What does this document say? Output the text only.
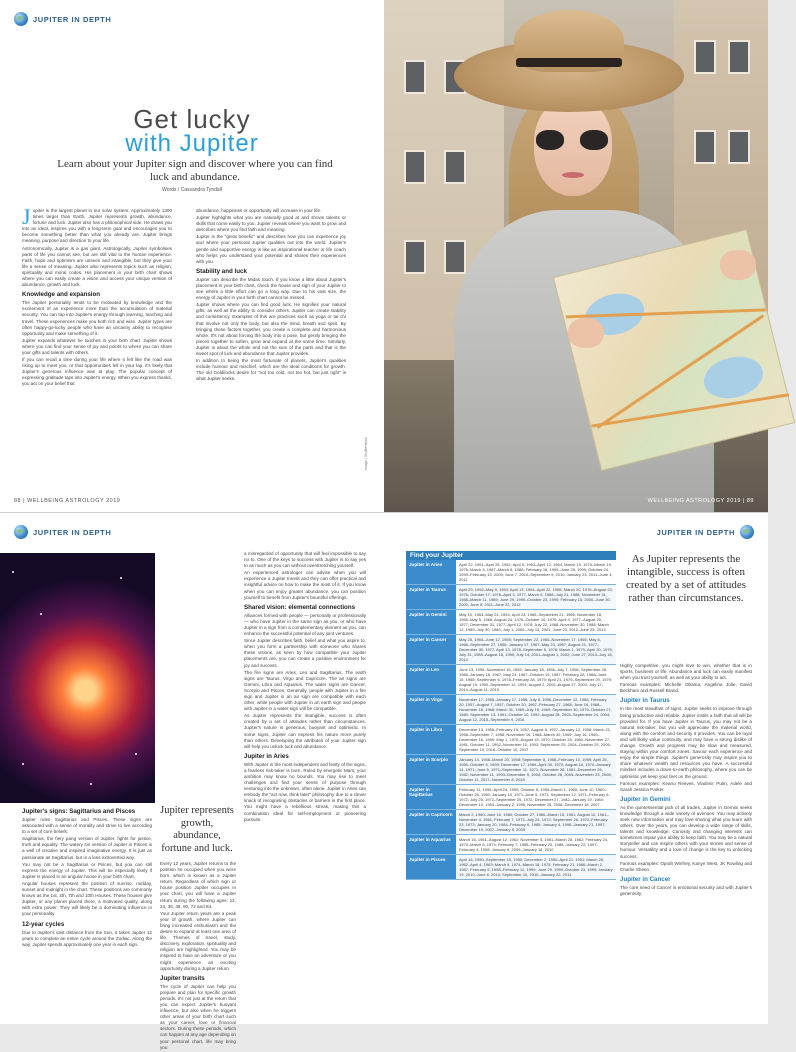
JUPITER IN DEPTH
Get lucky
with Jupiter

Learn about your Jupiter sign and discover where you can find luck and abundance.

Words / Cassandra Tyndall

Jupiter is the largest planet in our solar system. Approximately 1300 times larger than Earth, Jupiter represents growth, abundance, fortune and luck. Jupiter also has a philosophical side. He draws you into an ideal, inspires you with a long-term goal and encourages you to become something better than what you already are. Jupiter brings meaning, purpose and direction to your life.

Astronomically, Jupiter is a gas giant. Astrologically, Jupiter symbolises parts of life you cannot see, but are still vital to the human experience. Faith, hope and optimism are unseen and intangible, but they give your life a sense of meaning. Jupiter also represents topics such as religion, spirituality and moral codes. His placement in your birth chart shows where you can easily create a vision and access your unique version of abundance, growth and luck.

Knowledge and expansion

The Jupiter personality tends to be motivated by knowledge and the excitement of an experience more than the accumulation of material security. You can tap into Jupiter's energy through learning, teaching and travel. These experiences make you both rich and wise. Jupiter types are often happy-go-lucky people who have an uncanny ability to recognise opportunity and make something of it.

Jupiter expands whatever he touches in your birth chart. Jupiter shows where you can find your sense of joy and points to where you can share your gifts and talents with others.

If you can recall a time during your life where it felt like the road was rising up to meet you, or that opportunities fell in your lap, it's likely that Jupiter's generous influence was at play. The popular concept of expressing gratitude taps into Jupiter's energy. When you express thanks, you act on your belief that

abundance, happiness or opportunity will increase in your life.

Jupiter highlights what you are naturally good at and shows talents or skills that come easily to you. Jupiter reveals where you want to grow and describes where you find faith and meaning.

Jupiter is the "great benefic" and describes how you can experience joy and where your personal Jupiter qualities out into the world. Jupiter's gentle and supportive energy is like an inspirational teacher or life coach who helps you understand your potential and shares their experiences with you.

Stability and luck

Jupiter can describe the Midas touch. If you know a little about Jupiter's placement in your birth chart, check the house and sign of your Jupiter to see where a little effort can go a long way. Due to his vast size, the energy of Jupiter in your birth chart cannot be missed.

Jupiter shows where you can find good luck. He signifies your natural gifts, as well as the ability to consider others. Jupiter can create stability and consistency. Examples of this are practices such as yoga or tai chi that involve not only the body, but also the mind, breath and spirit. By bringing these factors together, you create a complete and harmonious whole. It's not about forcing the body into a pose, but gently bringing the pieces together to soften, grow and expand at the same time. Similarly, Jupiter is about the whole and not the sum of the parts and that is the sweet spot of luck and abundance that Jupiter provides.

In addition to being the most fortunate of planets, Jupiter's qualities include humour and mischief, which are the ideal conditions for growth. The old Goldilocks desire for "not too cold, not too hot, but just right" is what Jupiter seeks.

Image / Shutterstock
88 | WELLBEING ASTROLOGY 2019	WELLBEING ASTROLOGY 2019 | 89
JUPITER IN DEPTH
Jupiter's signs: Sagittarius and Pisces

Jupiter rules Sagittarius and Pisces. These signs are associated with a sense of morality and strive to live according to a set of core beliefs.

Sagittarius, the fiery pang version of Jupiter, fights for justice, truth and equality. The watery sin version of Jupiter in Pisces is a well of creative and inspired imaginative energy. It is just as passionate as Sagittarius, but in a less extroverted way.

You may not be a Sagittarius or Pisces, but you can still express the energy of Jupiter. This will be especially likely if Jupiter is placed in an angular house in your birth chart.

Angular houses represent the position of sunrise, midday, sunset and midnight in the chart. These positions are commonly known as the 1st, 4th, 7th and 10th Houses. These houses give Jupiter, or any planet placed there, a motivated quality, along with extra power. They will likely be a dominating influence in your personality.

12-year cycles

Due to Jupiter's vast distance from the Sun, it takes Jupiter 12 years to complete an entire cycle around the Zodiac. Along the way, Jupiter spends approximately one year in each sign.

Jupiter represents growth, abundance, fortune and luck.

Every 12 years, Jupiter returns to the position he occupied when you were born, which is known as a Jupiter return. Regardless of which sign or house position Jupiter occupies in your chart, you will have a Jupiter return during the following ages: 12, 24, 36, 48, 60, 72 and 84.

Your Jupiter return years are a peak year of growth, where Jupiter can bring increased enthusiasm and the desire to expand at least one area of life. Themes of travel, study, discovery, exploration, spirituality and religion are highlighted. You may be inspired to have an adventure or you might experience an exciting opportunity during a Jupiter return.

Jupiter transits

The cycle of Jupiter can help you prepare and plan for specific growth periods. It's not just at the return that you can expect Jupiter's buoyant influence, but also when he triggers other areas of your birth chart such as your career, love or financial sectors. During these periods, which can happen at any age depending on your personal chart, life may bring you

a misregarded of opportunity that will feel impossible to say no to. One of the keys to success with Jupiter is to say yes to as much as you can without overstretching yourself.

An experienced astrologer can advise when you will experience a Jupiter transit and they can offer practical and insightful advice on how to make the most of it. If you know when you can enjoy greater abundance, you can position yourself to benefit from Jupiter's bountiful offerings.

Shared vision: elemental connections

Alliances formed with people — personally or professionally — who have Jupiter in the same sign as you, or who have Jupiter in a sign from a complementary element as you, can enhance the successful potential of any joint ventures.

Since Jupiter describes faith, belief and what you aspire to, when you form a partnership with someone who shares these visions, as seen by how compatible your Jupiter placements are, you can create a positive environment for joy and success.

The fire signs are Aries, Leo and Sagittarius. The earth signs are Taurus, Virgo and Capricorn. The air signs are Gemini, Libra and Aquarius. The water signs are Cancer, Scorpio and Pisces. Generally, people with Jupiter in a fire sign and Jupiter in an air sign are compatible with each other, while people with Jupiter in an earth sign and people with Jupiter in a water sign will be compatible.

As Jupiter represents the intangible, success is often created by a set of attitudes rather than circumstances. Jupiter's nature is generous, buoyant and optimistic. In some signs, Jupiter can express his nature more purely than others. Developing the attributes of your Jupiter sign will help you unlock luck and abundance.

Jupiter in Aries

With Jupiter in the most independent and feisty of the signs, a fearless risk-taker is born. Ruled by energetic Mars, your ambition may know no bounds. You may rise to meet challenges and find your sense of purpose through venturing into the unknown, often alone. Jupiter in Aries can embody the "act now, think later" philosophy due to a clever knack of recognising obstacles or barriers in the first place. You might have a rebellious streak, making this a combination ideal for self-employment or pioneering pursuits.

JUPITER IN DEPTH
Find your Jupiter
Jupiter in Aries	April 22, 1951–April 28, 1952; April 5, 1963–April 12, 1964; March 19, 1975–March 19, 1976; March 3, 1987–March 8, 1988; February 16, 1999–June 28, 1999; October 24, 1999–February 15, 2000; June 7, 2010–September 9, 2010; January 23, 2011–June 4, 2011
Jupiter in Taurus	April 29, 1952–May 9, 1953; April 13, 1964–April 22, 1965; March 20, 1976–August 23, 1976; October 17, 1976–April 3, 1977; March 9, 1988–July 21, 1988; November 31, 1988–March 11, 1989; June 29, 1999–October 23, 1999; February 15, 2000–June 30, 2000; June 5, 2011–June 22, 2012
Jupiter in Gemini	May 10, 1953–May 24, 1954; April 23, 1965–September 21, 1965; November 18, 1965–May 5, 1966; August 24, 1976–October 16, 1976; April 4, 1977–August 20, 1977; December 31, 1977–April 12, 1978; July 22, 1988–November 30, 1988; March 12, 1989–July 30, 1989; July 1, 2000–July 13, 2001; June 23, 2012–June 25, 2013
Jupiter in Cancer	May 25, 1954–June 12, 1955; September 22, 1965–November 17, 1965; May 6, 1966–September 27, 1966; January 17, 1967–May 23, 1967; August 21, 1977–December 30, 1977; April 13, 1978–September 5, 1978; March 1, 1979–April 20, 1979; July 31, 1989–August 18, 1990; July 14, 2001–August 1, 2002; June 27, 2013–July 16, 2014
Jupiter in Leo	June 13, 1955–November 16, 1955; January 18, 1956–July 7, 1956; September 28, 1966–January 16, 1967; May 24, 1967–October 19, 1967; February 28, 1968–June 15, 1968; September 6, 1978–February 28, 1979; April 21, 1979–September 29, 1979; August 19, 1990–September 12, 1991; August 2, 2002–August 27, 2003; July 17, 2014–August 11, 2015
Jupiter in Virgo	November 17, 1955–January 17, 1956; July 8, 1956–December 12, 1956; February 20, 1957–August 7, 1957; October 20, 1967–February 27, 1968; June 16, 1968–November 15, 1968; March 31, 1969–July 15, 1969; September 30, 1979–October 27, 1980; September 13, 1991–October 10, 1992; August 28, 2003–September 24, 2004; August 12, 2015–September 9, 2016
Jupiter in Libra	December 13, 1956–February 19, 1957; August 8, 1957–January 13, 1958; March 21, 1958–September 7, 1958; November 16, 1968–March 30, 1969; July 16, 1969–December 16, 1969; May 1, 1970–August 15, 1970; October 28, 1980–November 27, 1981; October 11, 1992–November 10, 1993; September 25, 2004–October 25, 2005; September 10, 2016–October 10, 2017
Jupiter in Scorpio	January 14, 1958–March 20, 1958; September 8, 1958–February 10, 1959; April 25, 1959–October 5, 1959; December 17, 1969–April 30, 1970; August 16, 1970–January 14, 1971; June 5, 1971–September 11, 1971; November 28, 1981–December 26, 1982; November 11, 1993–December 9, 1994; October 26, 2005–November 23, 2006; October 11, 2017–November 8, 2018
Jupiter in Sagittarius	February 11, 1959–April 24, 1959; October 6, 1959–March 1, 1960; June 10, 1960–October 26, 1960; January 15, 1971–June 5, 1971; September 12, 1971–February 6, 1972; July 25, 1972–September 25, 1972; December 27, 1982–January 19, 1984; December 10, 1994–January 2, 1996; November 25, 2006–December 18, 2007
Jupiter in Capricorn	March 2, 1960–June 10, 1960; October 27, 1960–March 15, 1961; August 12, 1961–November 4, 1961; February 7, 1972–July 24, 1972; September 26, 1972–February 23, 1973; January 20, 1984–February 6, 1985; January 4, 1996–January 21, 1997; December 19, 2007–January 5, 2009
Jupiter in Aquarius	March 16, 1961–August 12, 1961; November 5, 1961–March 25, 1962; February 24, 1973–March 8, 1974; February 7, 1985–February 20, 1986; January 22, 1997–February 4, 1998; January 6, 2009–January 18, 2010
Jupiter in Pisces	April 16, 1950–September 15, 1950; December 2, 1950–April 21, 1951; March 26, 1962–April 4, 1963; March 9, 1974–March 18, 1975; February 21, 1986–March 2, 1987; February 5, 1998–February 12, 1999; June 29, 1999–October 23, 1999; January 19, 2010–June 6, 2010; September 10, 2010–January 22, 2011

As Jupiter represents the intangible, success is often created by a set of attitudes rather than circumstances.

Highly competitive, you might love to win, whether that is in sports, business or life. Abundance and luck can easily manifest when you trust yourself, as well as your ability to act.

Famous examples: Michelle Obama, Angelina Jolie, David Beckham and Russell Brand.

Jupiter in Taurus

In the most steadfast of signs, Jupiter seeks to improve through being productive and reliable. Jupiter instils a faith that all will be provided for. If you have Jupiter in Taurus, you may not be a natural risk-taker, but you will appreciate the material world, along with the comfort and security it provides. You can be loyal and will likely value continuity, and may have a strong dislike of change. Growth and progress may be slow and measured, staying within your comfort zones. Savour each experience and enjoy the simple things. Jupiter's generosity may inspire you to share whatever wealth and resources you have. A successful mindset includes a down-to-earth philosophy, where you can be optimistic yet keep your feet on the ground.

Famous examples: Keanu Reeves, Vladimir Putin, Adele and Sarah Jessica Parker.

Jupiter in Gemini

As the quintessential jack of all trades, Jupiter in Gemini seeks knowledge through a wide variety of avenues. You may actively seek new information and may love sharing what you learn with others. Over the years, you can develop a wide range of skills, talents and knowledge. Curiosity and changing interests can sometimes impair your ability to keep faith. You may be a natural storyteller and can inspire others with your stories and sense of humour. Versatility and a love of change is the key to unlocking success.

Famous examples: Oprah Winfrey, Kanye West, JK Rowling and Charlie Sheen.

Jupiter in Cancer

The core need of Cancer is emotional security and with Jupiter's generosity,
